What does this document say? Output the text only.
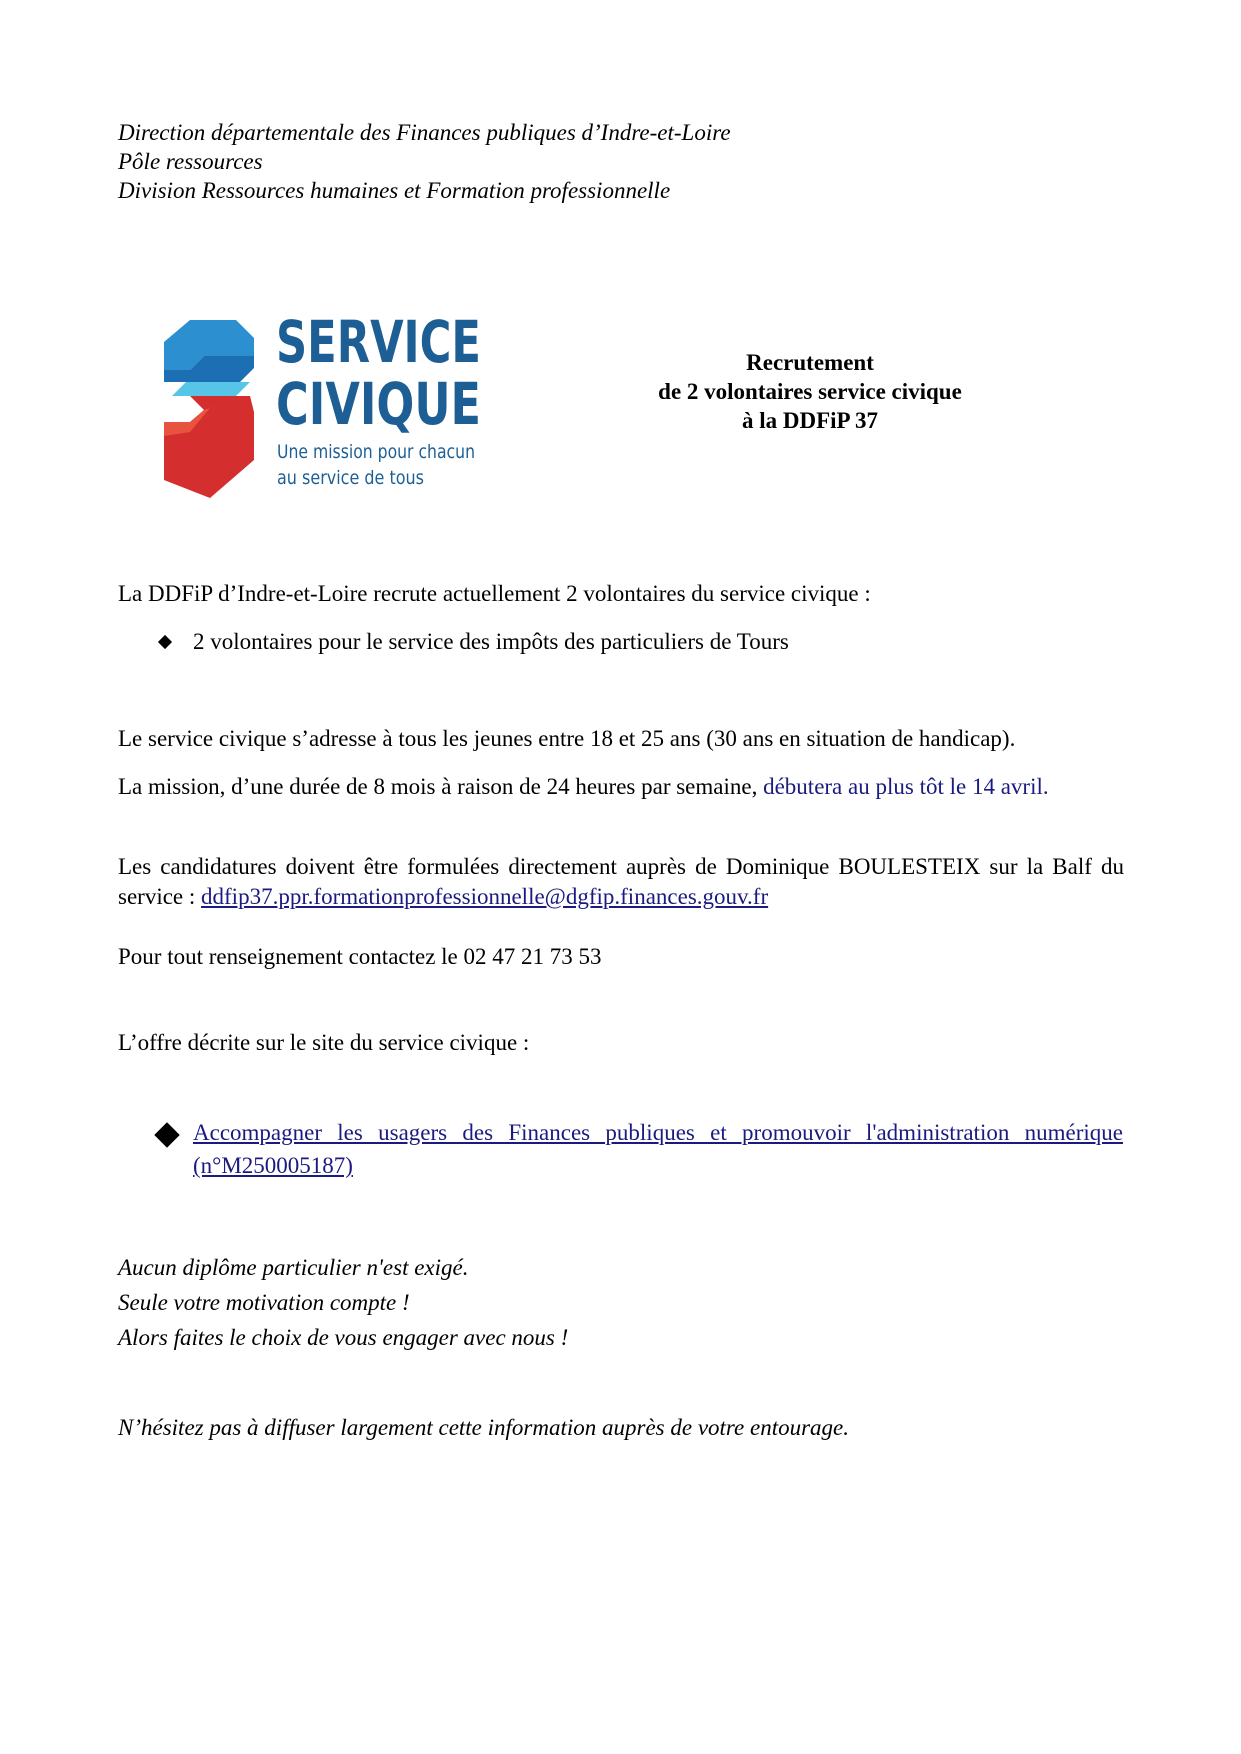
Direction départementale des Finances publiques d’Indre-et-Loire
Pôle ressources
Division Ressources humaines et Formation professionnelle
SERVICE
CIVIQUE
Une mission pour chacun
au service de tous
Recrutement
de 2 volontaires service civique
à la DDFiP 37
La DDFiP d’Indre-et-Loire recrute actuellement 2 volontaires du service civique :
2 volontaires pour le service des impôts des particuliers de Tours
Le service civique s’adresse à tous les jeunes entre 18 et 25 ans (30 ans en situation de handicap).
La mission, d’une durée de 8 mois à raison de 24 heures par semaine, débutera au plus tôt le 14 avril.
Les candidatures doivent être formulées directement auprès de Dominique BOULESTEIX sur la Balf du service : ddfip37.ppr.formationprofessionnelle@dgfip.finances.gouv.fr
Pour tout renseignement contactez le 02 47 21 73 53
L’offre décrite sur le site du service civique :
Accompagner les usagers des Finances publiques et promouvoir l'administration numérique (n°M250005187)
Aucun diplôme particulier n'est exigé.
Seule votre motivation compte !
Alors faites le choix de vous engager avec nous !
N’hésitez pas à diffuser largement cette information auprès de votre entourage.
